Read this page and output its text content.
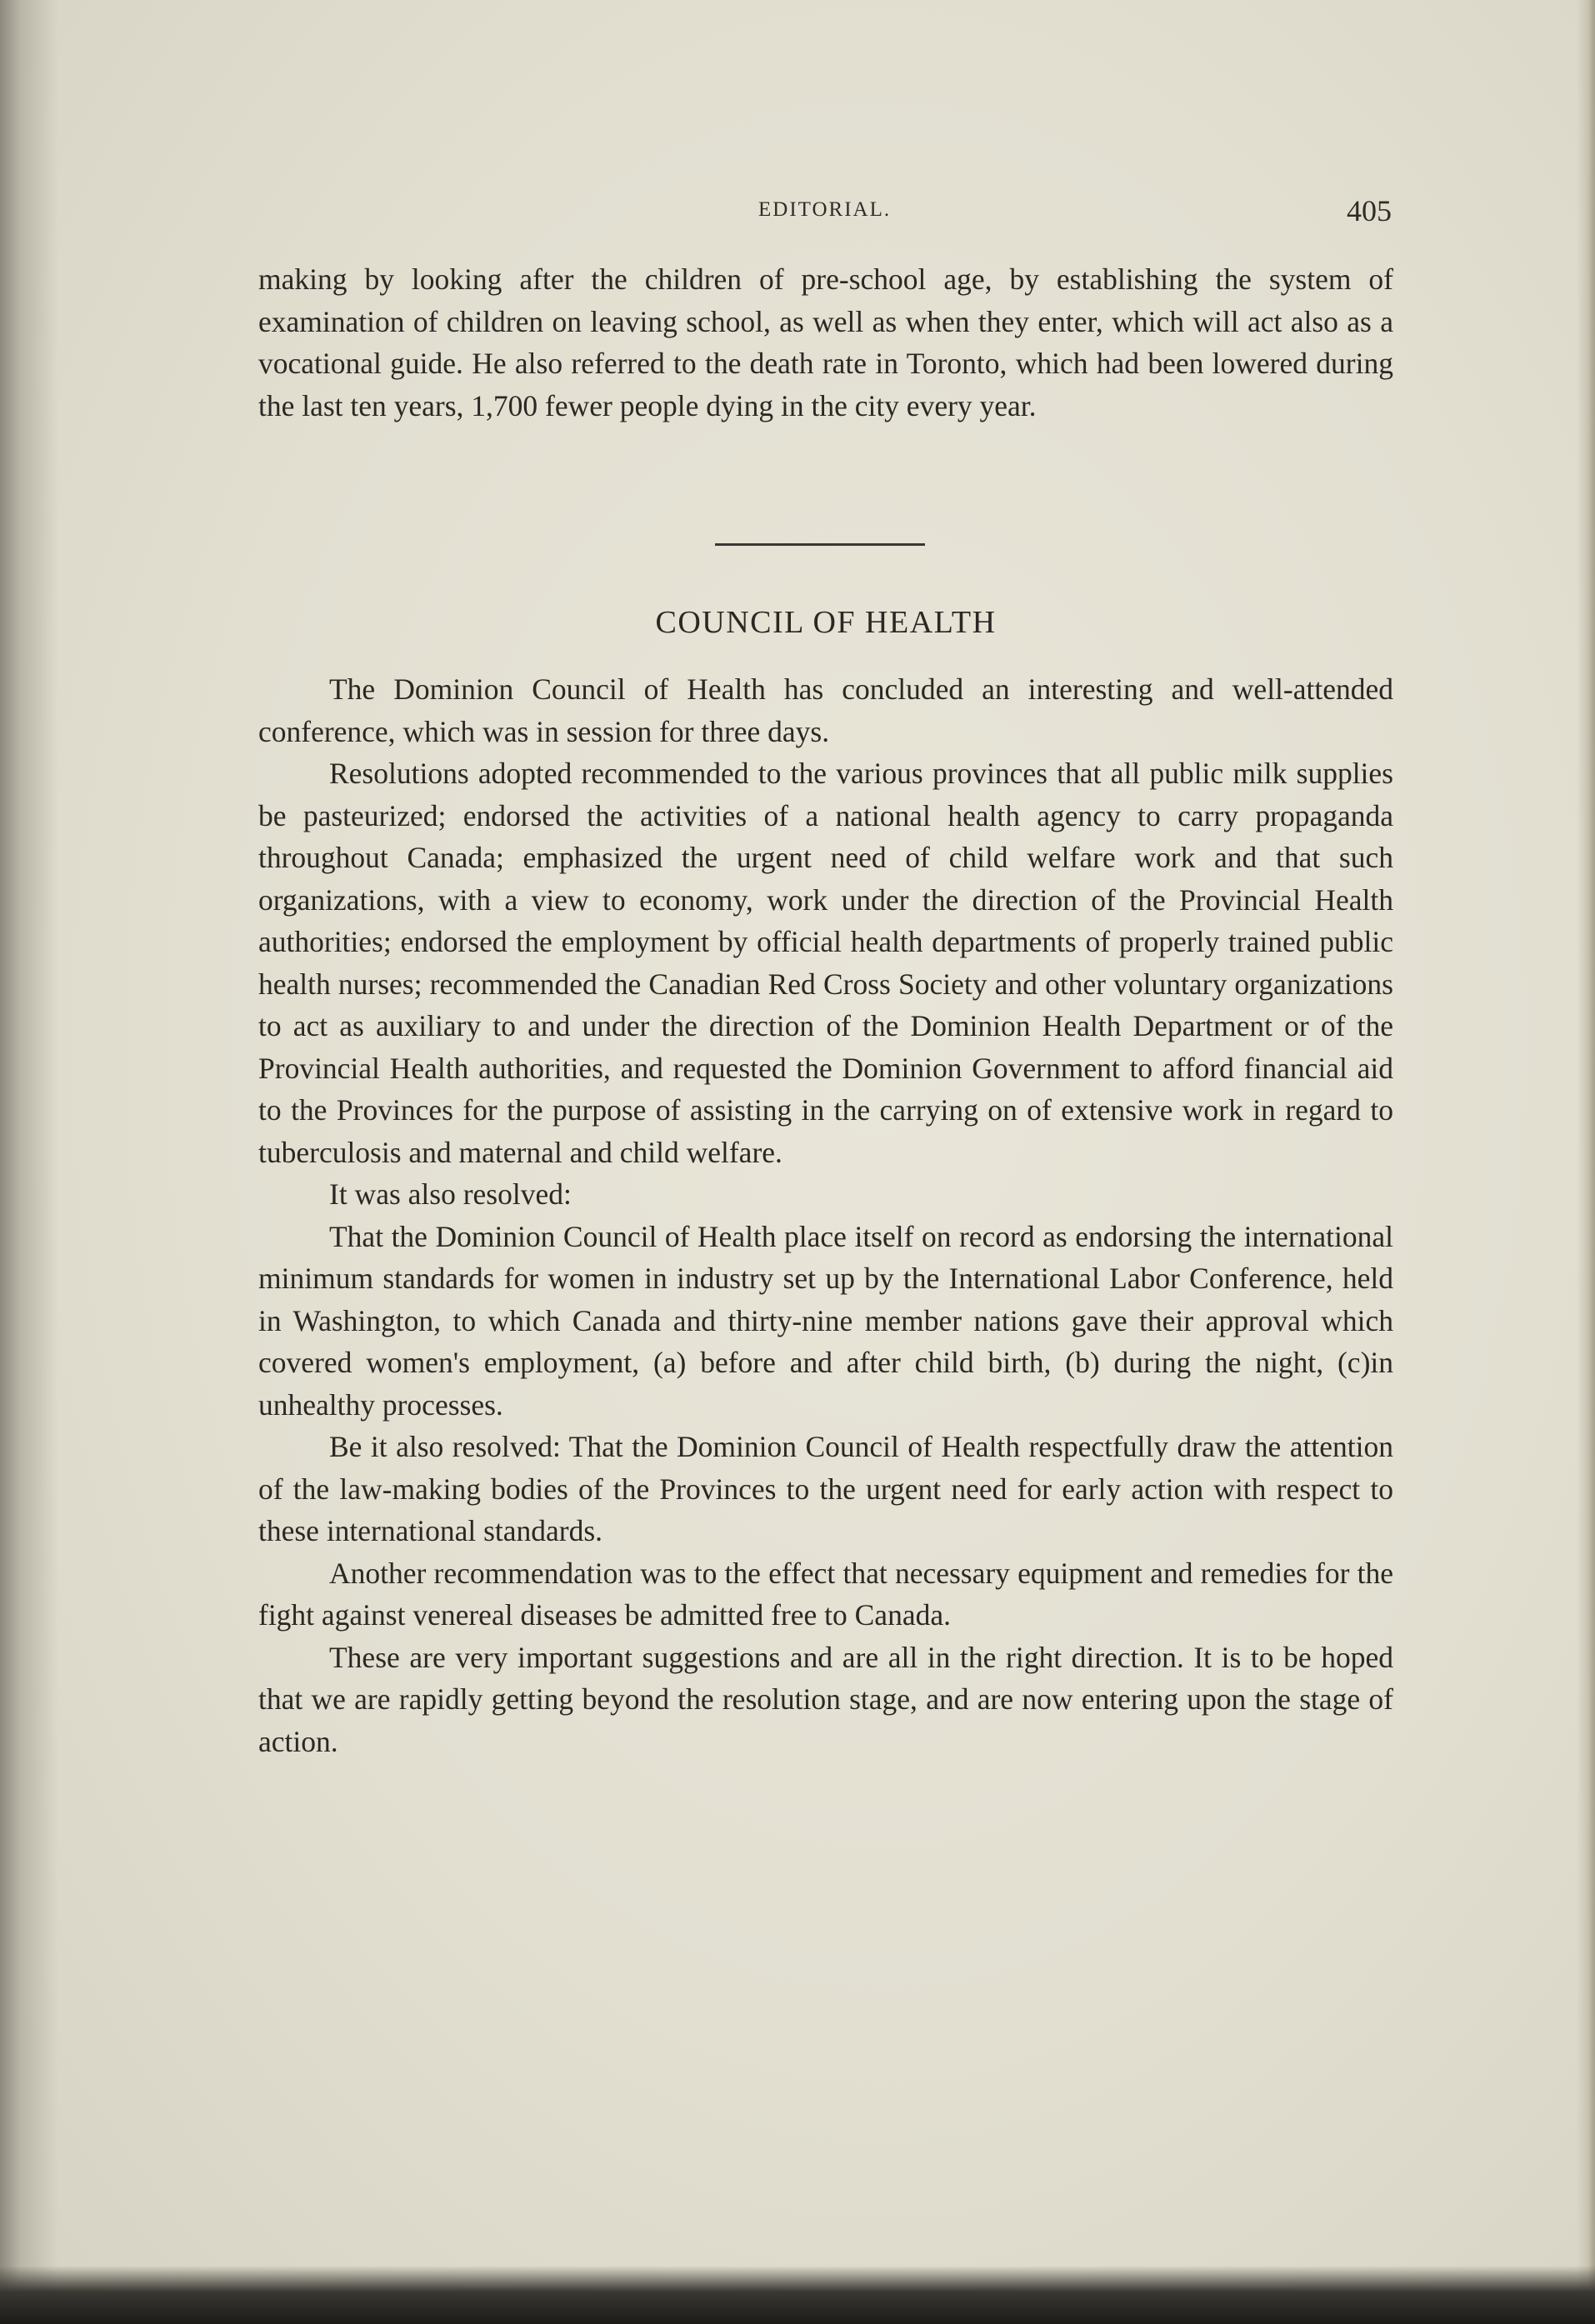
EDITORIAL.	405

making by looking after the children of pre-school age, by establishing the system of examination of children on leaving school, as well as when they enter, which will act also as a vocational guide. He also referred to the death rate in Toronto, which had been lowered during the last ten years, 1,700 fewer people dying in the city every year.

COUNCIL OF HEALTH

The Dominion Council of Health has concluded an interesting and well-attended conference, which was in session for three days.

Resolutions adopted recommended to the various provinces that all public milk supplies be pasteurized; endorsed the activities of a national health agency to carry propaganda throughout Canada; emphasized the urgent need of child welfare work and that such organizations, with a view to economy, work under the direction of the Provincial Health authorities; endorsed the employment by official health departments of properly trained public health nurses; recommended the Canadian Red Cross Society and other voluntary organizations to act as auxiliary to and under the direction of the Dominion Health Department or of the Provincial Health authorities, and requested the Dominion Government to afford financial aid to the Provinces for the purpose of assisting in the carrying on of extensive work in regard to tuberculosis and maternal and child welfare.

It was also resolved:

That the Dominion Council of Health place itself on record as endorsing the international minimum standards for women in industry set up by the International Labor Conference, held in Washington, to which Canada and thirty-nine member nations gave their approval which covered women's employment, (a) before and after child birth, (b) during the night, (c)in unhealthy processes.

Be it also resolved: That the Dominion Council of Health respectfully draw the attention of the law-making bodies of the Provinces to the urgent need for early action with respect to these international standards.

Another recommendation was to the effect that necessary equipment and remedies for the fight against venereal diseases be admitted free to Canada.

These are very important suggestions and are all in the right direction. It is to be hoped that we are rapidly getting beyond the resolution stage, and are now entering upon the stage of action.
